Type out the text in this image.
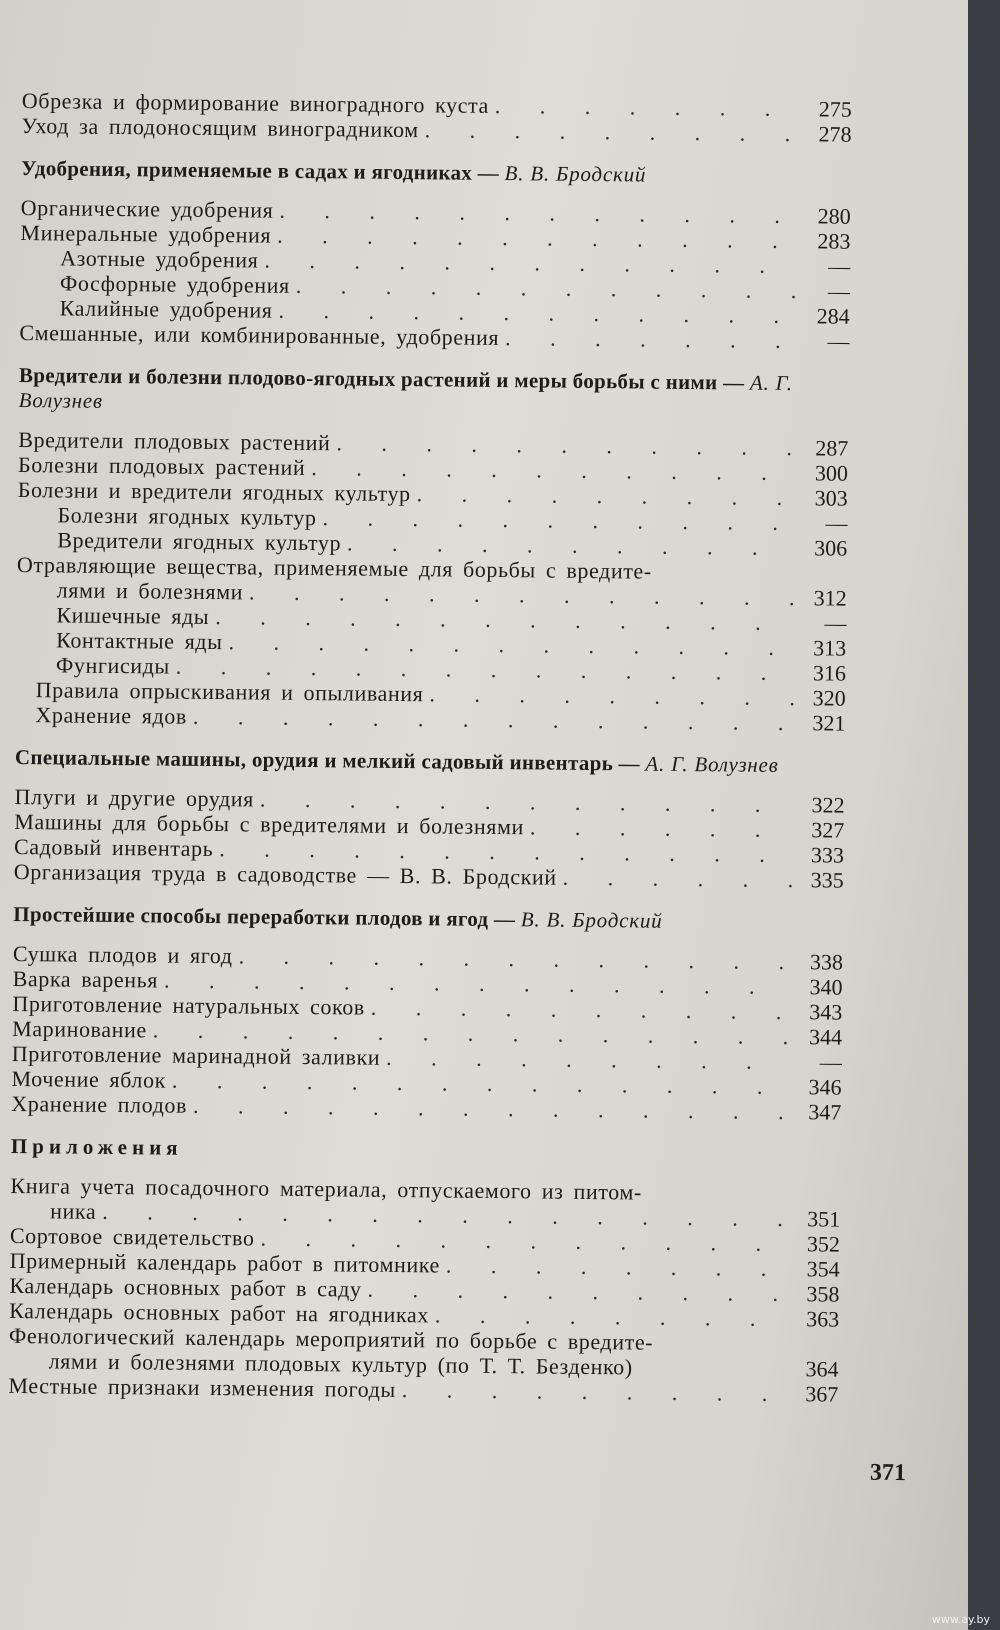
Обрезка и формирование виноградного куста . . .	275
Уход за плодоносящим виноградником . . .	278
Удобрения, применяемые в садах и ягодниках — В. В. Бродский
Органические удобрения . . .	280
Минеральные удобрения . . .	283
Азотные удобрения . . .	—
Фосфорные удобрения . . .	—
Калийные удобрения . . .	284
Смешанные, или комбинированные, удобрения . . .	—
Вредители и болезни плодово-ягодных растений и меры борьбы с ними — А. Г. Волузнев
Вредители плодовых растений . . .	287
Болезни плодовых растений . . .	300
Болезни и вредители ягодных культур . . .	303
Болезни ягодных культур . . .	—
Вредители ягодных культур . . .	306
Отравляющие вещества, применяемые для борьбы с вредите-
лями и болезнями . . .	312
Кишечные яды . . .	—
Контактные яды . . .	313
Фунгисиды . . .	316
Правила опрыскивания и опыливания . . .	320
Хранение ядов . . .	321
Специальные машины, орудия и мелкий садовый инвентарь — А. Г. Волузнев
Плуги и другие орудия . . .	322
Машины для борьбы с вредителями и болезнями . . .	327
Садовый инвентарь . . .	333
Организация труда в садоводстве — В. В. Бродский . . .	335
Простейшие способы переработки плодов и ягод — В. В. Бродский
Сушка плодов и ягод . . .	338
Варка варенья . . .	340
Приготовление натуральных соков . . .	343
Маринование . . .	344
Приготовление маринадной заливки . . .	—
Мочение яблок . . .	346
Хранение плодов . . .	347
Приложения
Книга учета посадочного материала, отпускаемого из питом-
ника . . .	351
Сортовое свидетельство . . .	352
Примерный календарь работ в питомнике . . .	354
Календарь основных работ в саду . . .	358
Календарь основных работ на ягодниках . . .	363
Фенологический календарь мероприятий по борьбе с вредите-
лями и болезнями плодовых культур (по Т. Т. Безденко)	364
Местные признаки изменения погоды . . .	367
371
www.ay.by
